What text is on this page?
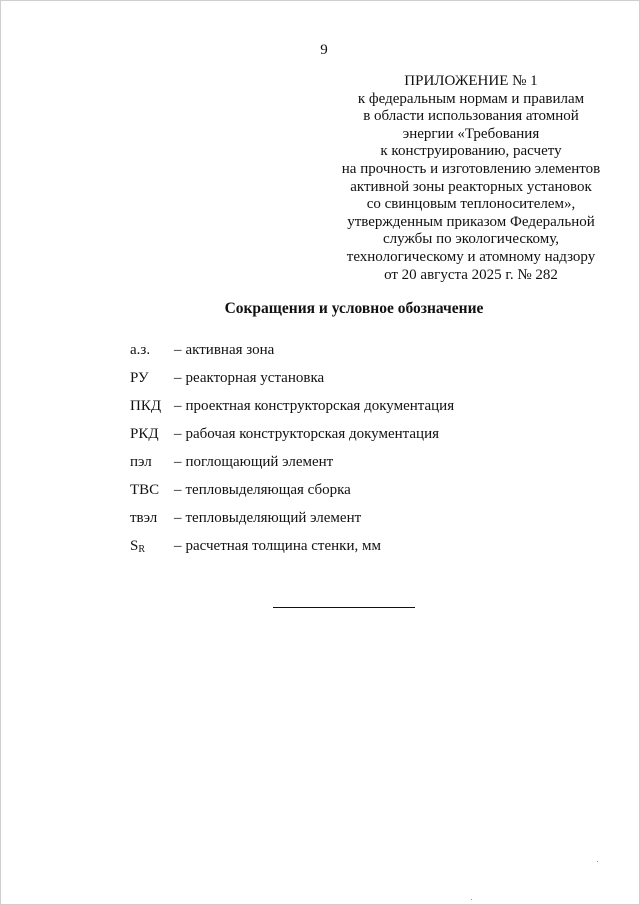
9
ПРИЛОЖЕНИЕ № 1
к федеральным нормам и правилам
в области использования атомной
энергии «Требования
к конструированию, расчету
на прочность и изготовлению элементов
активной зоны реакторных установок
со свинцовым теплоносителем»,
утвержденным приказом Федеральной
службы по экологическому,
технологическому и атомному надзору
от 20 августа 2025 г. № 282
Сокращения и условное обозначение
а.з.	– активная зона
РУ	– реакторная установка
ПКД – проектная конструкторская документация
РКД	– рабочая конструкторская документация
пэл	– поглощающий элемент
ТВС – тепловыделяющая сборка
твэл	– тепловыделяющий элемент
$S_R$	– расчетная толщина стенки, мм
